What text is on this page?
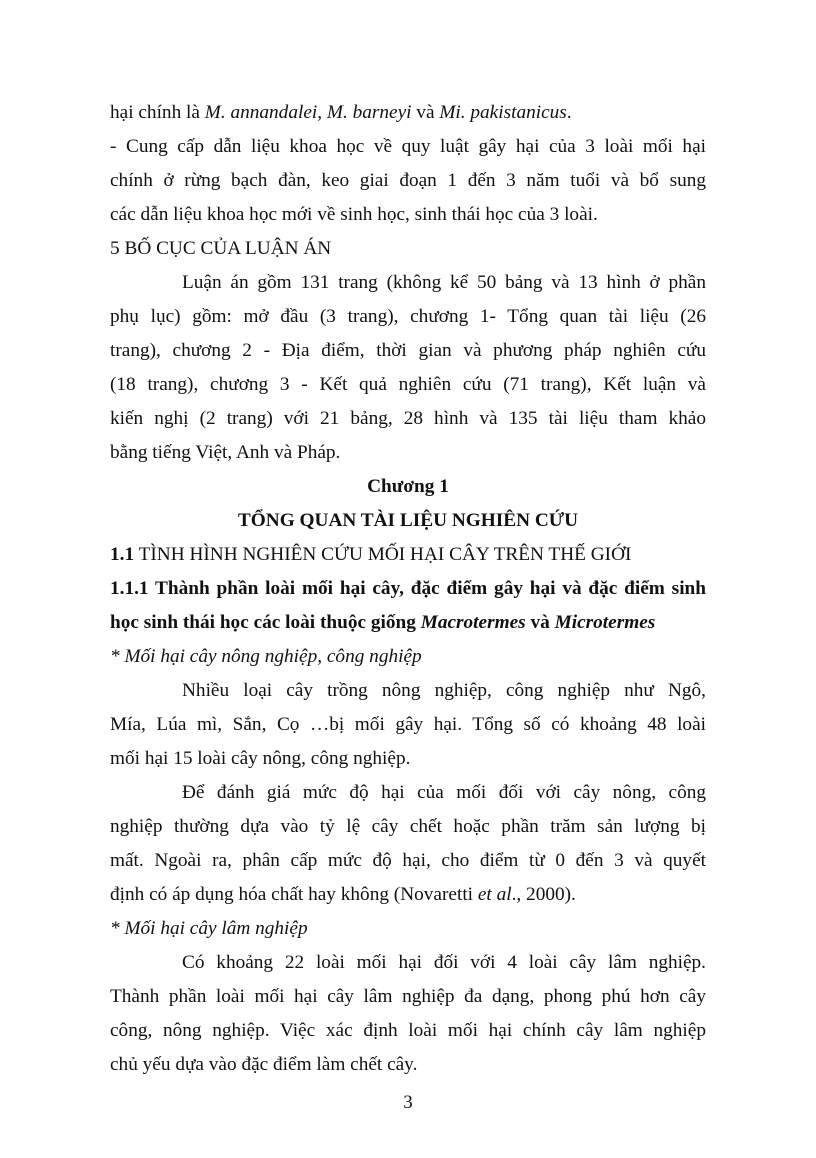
hại chính là M. annandalei, M. barneyi và Mi. pakistanicus.
- Cung cấp dẫn liệu khoa học về quy luật gây hại của 3 loài mối hại
chính ở rừng bạch đàn, keo giai đoạn 1 đến 3 năm tuổi và bổ sung
các dẫn liệu khoa học mới về sinh học, sinh thái học của 3 loài.
5 BỐ CỤC CỦA LUẬN ÁN
Luận án gồm 131 trang (không kể 50 bảng và 13 hình ở phần
phụ lục) gồm: mở đầu (3 trang), chương 1- Tổng quan tài liệu (26
trang), chương 2 - Địa điểm, thời gian và phương pháp nghiên cứu
(18 trang), chương 3 - Kết quả nghiên cứu (71 trang), Kết luận và
kiến nghị (2 trang) với 21 bảng, 28 hình và 135 tài liệu tham khảo
bằng tiếng Việt, Anh và Pháp.
Chương 1
TỔNG QUAN TÀI LIỆU NGHIÊN CỨU
1.1 TÌNH HÌNH NGHIÊN CỨU MỐI HẠI CÂY TRÊN THẾ GIỚI
1.1.1 Thành phần loài mối hại cây, đặc điểm gây hại và đặc điểm sinh
học sinh thái học các loài thuộc giống Macrotermes và Microtermes
* Mối hại cây nông nghiệp, công nghiệp
Nhiều loại cây trồng nông nghiệp, công nghiệp như Ngô,
Mía, Lúa mì, Sắn, Cọ …bị mối gây hại. Tổng số có khoảng 48 loài
mối hại 15 loài cây nông, công nghiệp.
Để đánh giá mức độ hại của mối đối với cây nông, công
nghiệp thường dựa vào tỷ lệ cây chết hoặc phần trăm sản lượng bị
mất. Ngoài ra, phân cấp mức độ hại, cho điểm từ 0 đến 3 và quyết
định có áp dụng hóa chất hay không (Novaretti et al., 2000).
* Mối hại cây lâm nghiệp
Có khoảng 22 loài mối hại đối với 4 loài cây lâm nghiệp.
Thành phần loài mối hại cây lâm nghiệp đa dạng, phong phú hơn cây
công, nông nghiệp. Việc xác định loài mối hại chính cây lâm nghiệp
chủ yếu dựa vào đặc điểm làm chết cây.
3
